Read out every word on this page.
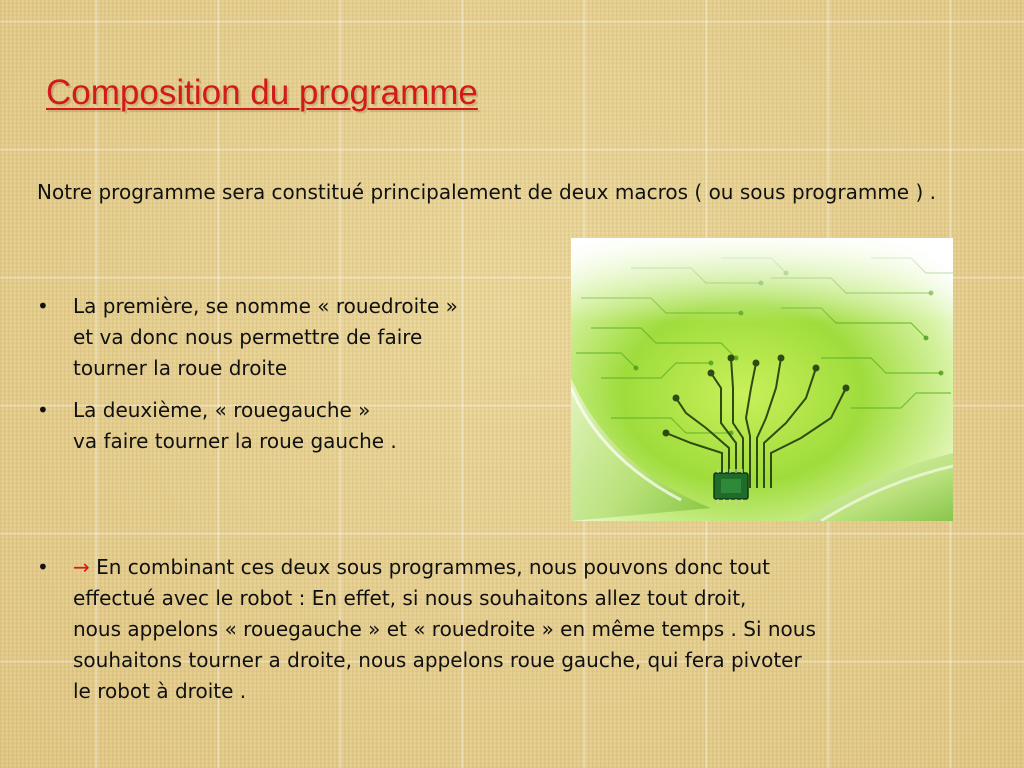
Composition du programme

Notre programme sera constitué principalement de deux macros ( ou sous programme ) .

•	La première, se nomme « rouedroite »
et va donc nous permettre de faire
tourner la roue droite
•	La deuxième, « rouegauche »
va faire tourner la roue gauche .
•	→ En combinant ces deux sous programmes, nous pouvons donc tout
effectué avec le robot : En effet, si nous souhaitons allez tout droit,
nous appelons « rouegauche » et « rouedroite » en même temps . Si nous
souhaitons tourner a droite, nous appelons roue gauche, qui fera pivoter
le robot à droite .
